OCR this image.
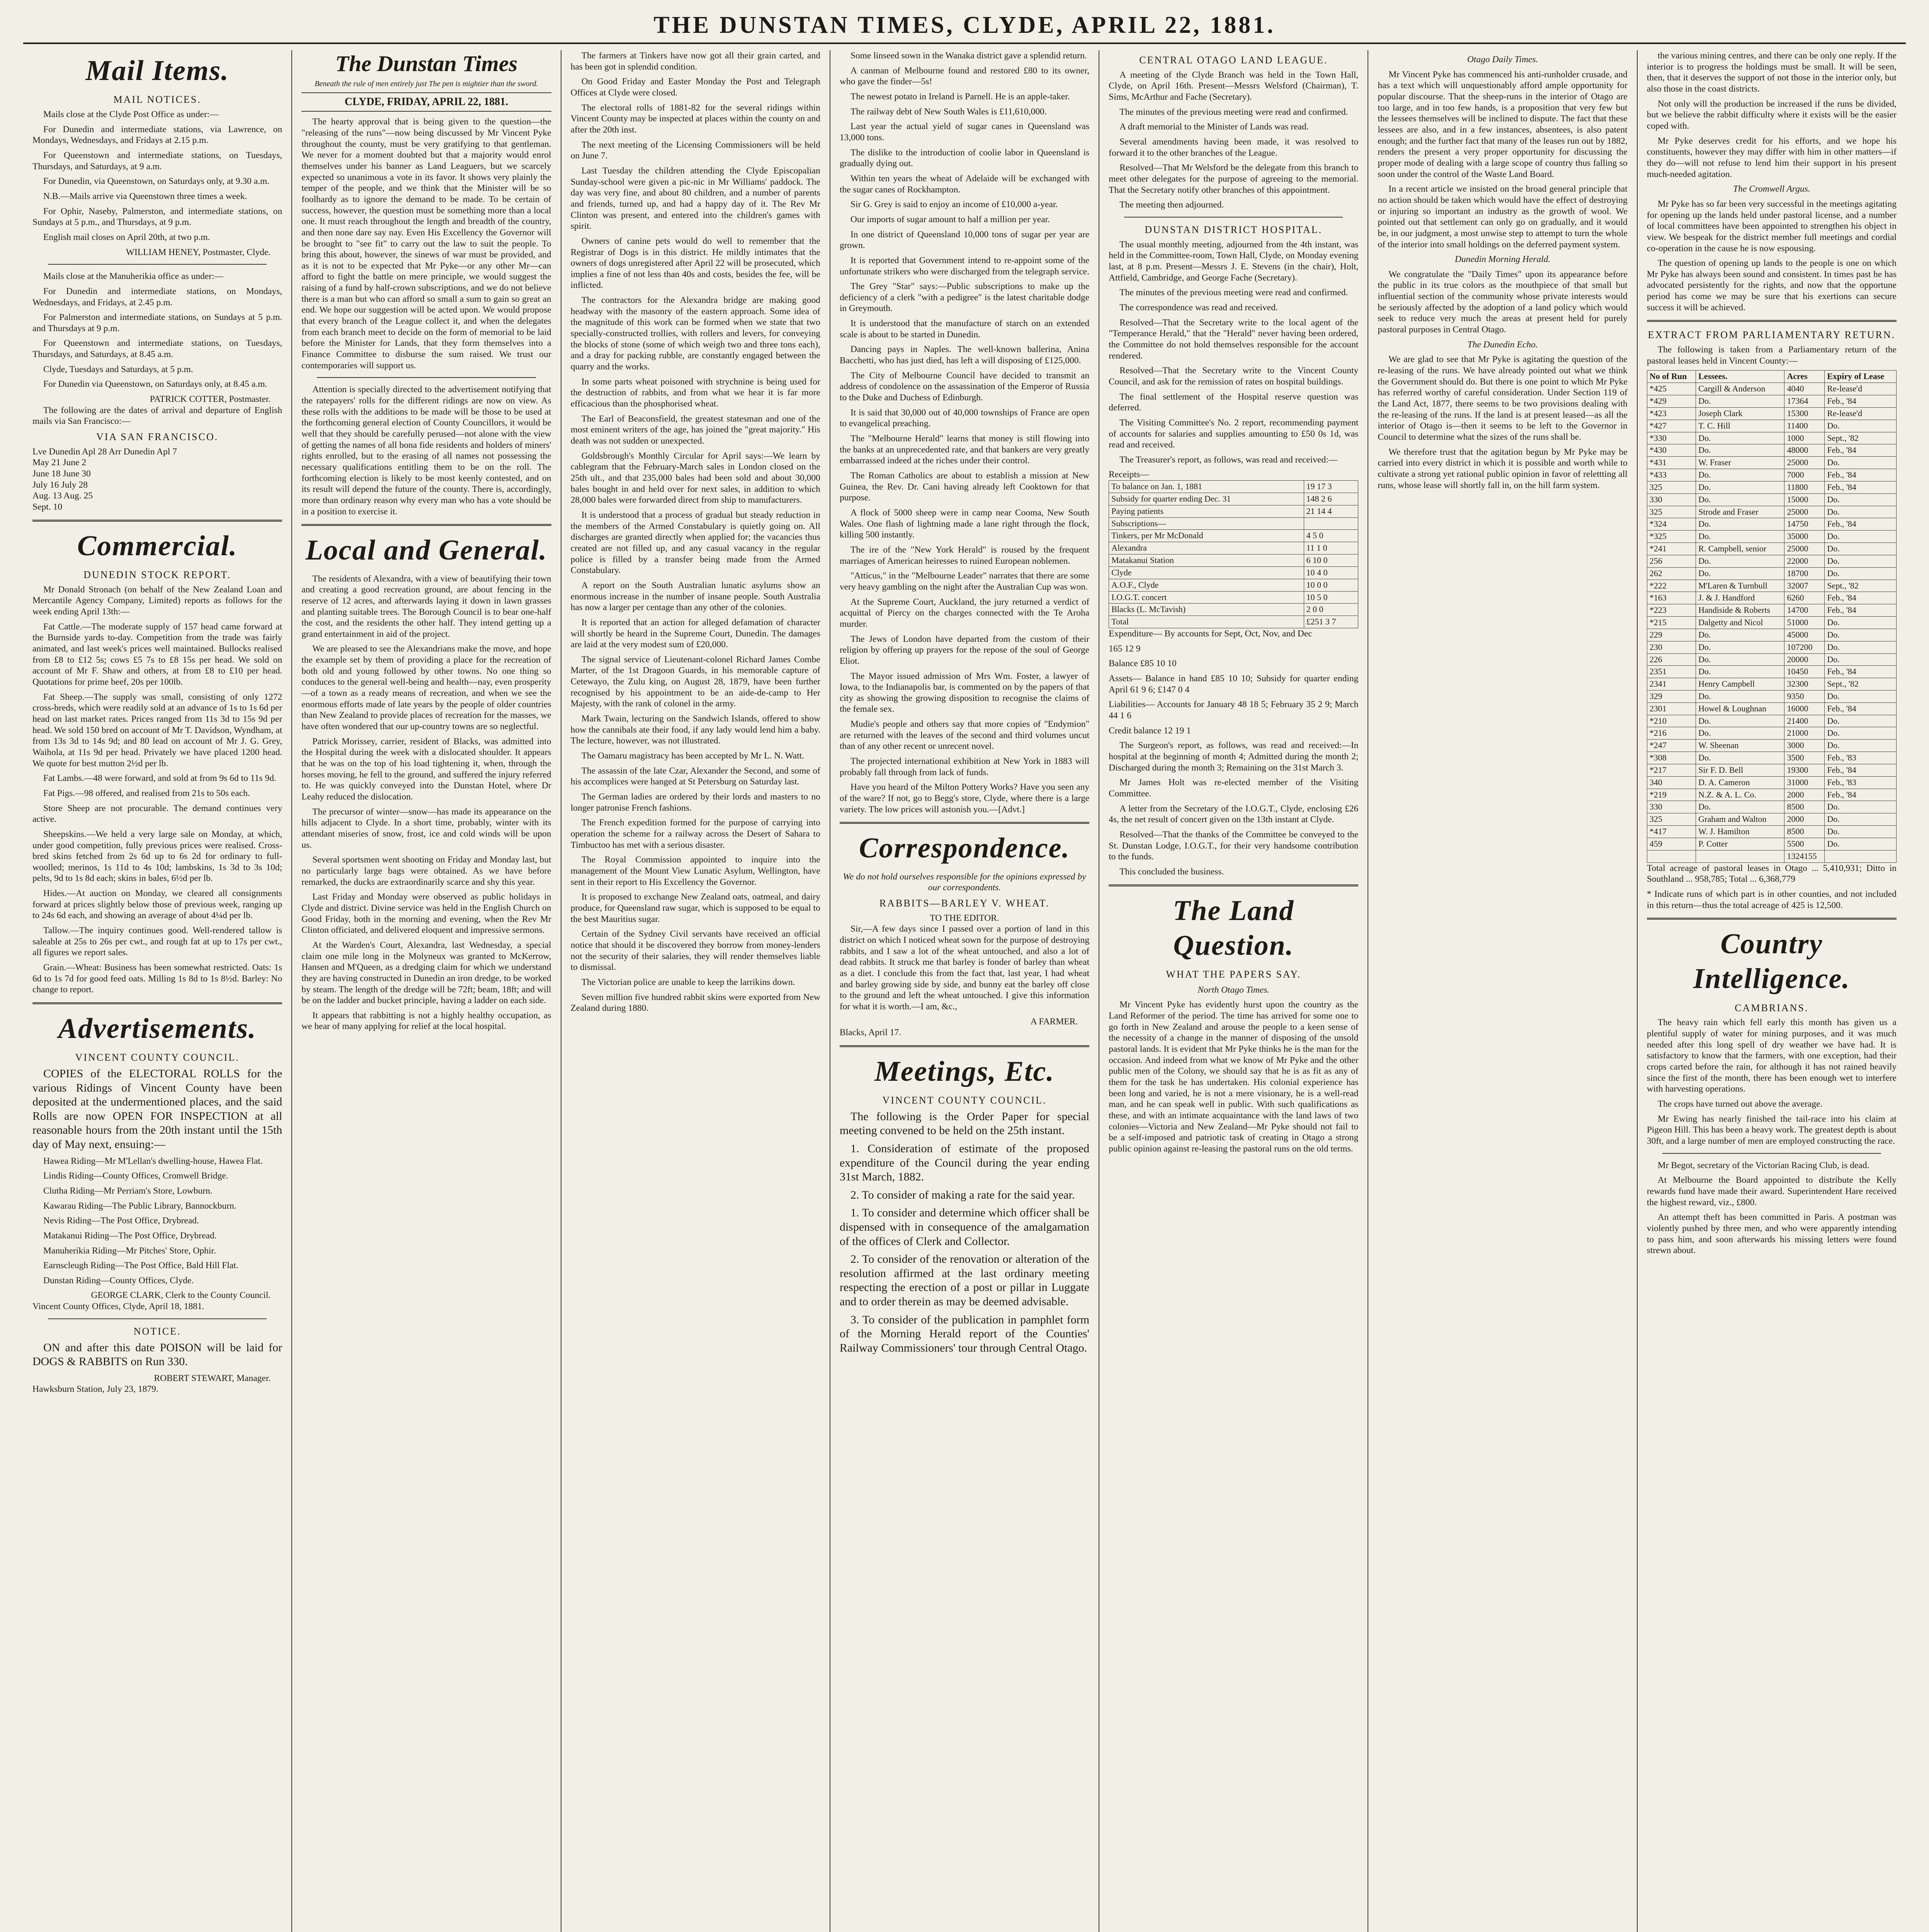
THE DUNSTAN TIMES, CLYDE, APRIL 22, 1881.
Mail Items.
MAIL NOTICES.

Mails close at the Clyde Post Office as under:—

For Dunedin and intermediate stations, via Lawrence, on Mondays, Wednesdays, and Fridays at 2.15 p.m.

For Queenstown and intermediate stations, on Tuesdays, Thursdays, and Saturdays, at 9 a.m.

For Dunedin, via Queenstown, on Saturdays only, at 9.30 a.m.

N.B.—Mails arrive via Queenstown three times a week.

For Ophir, Naseby, Palmerston, and intermediate stations, on Sundays at 5 p.m., and Thursdays, at 9 p.m.

English mail closes on April 20th, at two p.m.

WILLIAM HENEY, Postmaster, Clyde.

Mails close at the Manuherikia office as under:—

For Dunedin and intermediate stations, on Mondays, Wednesdays, and Fridays, at 2.45 p.m.

For Palmerston and intermediate stations, on Sundays at 5 p.m. and Thursdays at 9 p.m.

For Queenstown and intermediate stations, on Tuesdays, Thursdays, and Saturdays, at 8.45 a.m.

Clyde, Tuesdays and Saturdays, at 5 p.m.

For Dunedin via Queenstown, on Saturdays only, at 8.45 a.m.

PATRICK COTTER, Postmaster.

The following are the dates of arrival and departure of English mails via San Francisco:—

VIA SAN FRANCISCO.
Lve Dunedin Apl 28 Arr Dunedin Apl 7
May 21 June 2
June 18 June 30
July 16 July 28
Aug. 13 Aug. 25
Sept. 10
Commercial.
DUNEDIN STOCK REPORT.

Mr Donald Stronach (on behalf of the New Zealand Loan and Mercantile Agency Company, Limited) reports as follows for the week ending April 13th:—

Fat Cattle.—The moderate supply of 157 head came forward at the Burnside yards to-day. Competition from the trade was fairly animated, and last week's prices well maintained. Bullocks realised from £8 to £12 5s; cows £5 7s to £8 15s per head. We sold on account of Mr F. Shaw and others, at from £8 to £10 per head. Quotations for prime beef, 20s per 100lb.

Fat Sheep.—The supply was small, consisting of only 1272 cross-breds, which were readily sold at an advance of 1s to 1s 6d per head on last market rates. Prices ranged from 11s 3d to 15s 9d per head. We sold 150 bred on account of Mr T. Davidson, Wyndham, at from 13s 3d to 14s 9d; and 80 lead on account of Mr J. G. Grey, Waihola, at 11s 9d per head. Privately we have placed 1200 head. We quote for best mutton 2½d per lb.

Fat Lambs.—48 were forward, and sold at from 9s 6d to 11s 9d.

Fat Pigs.—98 offered, and realised from 21s to 50s each.

Store Sheep are not procurable. The demand continues very active.

Sheepskins.—We held a very large sale on Monday, at which, under good competition, fully previous prices were realised. Cross-bred skins fetched from 2s 6d up to 6s 2d for ordinary to full-woolled; merinos, 1s 11d to 4s 10d; lambskins, 1s 3d to 3s 10d; pelts, 9d to 1s 8d each; skins in bales, 6½d per lb.

Hides.—At auction on Monday, we cleared all consignments forward at prices slightly below those of previous week, ranging up to 24s 6d each, and showing an average of about 4¼d per lb.

Tallow.—The inquiry continues good. Well-rendered tallow is saleable at 25s to 26s per cwt., and rough fat at up to 17s per cwt., all figures we report sales.

Grain.—Wheat: Business has been somewhat restricted. Oats: 1s 6d to 1s 7d for good feed oats. Milling 1s 8d to 1s 8½d. Barley: No change to report.

Advertisements.
VINCENT COUNTY COUNCIL.

COPIES of the ELECTORAL ROLLS for the various Ridings of Vincent County have been deposited at the undermentioned places, and the said Rolls are now OPEN FOR INSPECTION at all reasonable hours from the 20th instant until the 15th day of May next, ensuing:—

Hawea Riding—Mr M'Lellan's dwelling-house, Hawea Flat.

Lindis Riding—County Offices, Cromwell Bridge.

Clutha Riding—Mr Perriam's Store, Lowburn.

Kawarau Riding—The Public Library, Bannockburn.

Nevis Riding—The Post Office, Drybread.

Matakanui Riding—The Post Office, Drybread.

Manuherikia Riding—Mr Pitches' Store, Ophir.

Earnscleugh Riding—The Post Office, Bald Hill Flat.

Dunstan Riding—County Offices, Clyde.

GEORGE CLARK, Clerk to the County Council.

Vincent County Offices, Clyde, April 18, 1881.

NOTICE.

ON and after this date POISON will be laid for DOGS & RABBITS on Run 330.

ROBERT STEWART, Manager.

Hawksburn Station, July 23, 1879.

The Dunstan Times
Beneath the rule of men entirely just The pen is mightier than the sword.
CLYDE, FRIDAY, APRIL 22, 1881.

The hearty approval that is being given to the question—the "releasing of the runs"—now being discussed by Mr Vincent Pyke throughout the county, must be very gratifying to that gentleman. We never for a moment doubted but that a majority would enrol themselves under his banner as Land Leaguers, but we scarcely expected so unanimous a vote in its favor. It shows very plainly the temper of the people, and we think that the Minister will be so foolhardy as to ignore the demand to be made. To be certain of success, however, the question must be something more than a local one. It must reach throughout the length and breadth of the country, and then none dare say nay. Even His Excellency the Governor will be brought to "see fit" to carry out the law to suit the people. To bring this about, however, the sinews of war must be provided, and as it is not to be expected that Mr Pyke—or any other Mr—can afford to fight the battle on mere principle, we would suggest the raising of a fund by half-crown subscriptions, and we do not believe there is a man but who can afford so small a sum to gain so great an end. We hope our suggestion will be acted upon. We would propose that every branch of the League collect it, and when the delegates from each branch meet to decide on the form of memorial to be laid before the Minister for Lands, that they form themselves into a Finance Committee to disburse the sum raised. We trust our contemporaries will support us.

Attention is specially directed to the advertisement notifying that the ratepayers' rolls for the different ridings are now on view. As these rolls with the additions to be made will be those to be used at the forthcoming general election of County Councillors, it would be well that they should be carefully perused—not alone with the view of getting the names of all bona fide residents and holders of miners' rights enrolled, but to the erasing of all names not possessing the necessary qualifications entitling them to be on the roll. The forthcoming election is likely to be most keenly contested, and on its result will depend the future of the county. There is, accordingly, more than ordinary reason why every man who has a vote should be in a position to exercise it.

Local and General.

The residents of Alexandra, with a view of beautifying their town and creating a good recreation ground, are about fencing in the reserve of 12 acres, and afterwards laying it down in lawn grasses and planting suitable trees. The Borough Council is to bear one-half the cost, and the residents the other half. They intend getting up a grand entertainment in aid of the project.

We are pleased to see the Alexandrians make the move, and hope the example set by them of providing a place for the recreation of both old and young followed by other towns. No one thing so conduces to the general well-being and health—nay, even prosperity—of a town as a ready means of recreation, and when we see the enormous efforts made of late years by the people of older countries than New Zealand to provide places of recreation for the masses, we have often wondered that our up-country towns are so neglectful.

Patrick Morissey, carrier, resident of Blacks, was admitted into the Hospital during the week with a dislocated shoulder. It appears that he was on the top of his load tightening it, when, through the horses moving, he fell to the ground, and suffered the injury referred to. He was quickly conveyed into the Dunstan Hotel, where Dr Leahy reduced the dislocation.

The precursor of winter—snow—has made its appearance on the hills adjacent to Clyde. In a short time, probably, winter with its attendant miseries of snow, frost, ice and cold winds will be upon us.

Several sportsmen went shooting on Friday and Monday last, but no particularly large bags were obtained. As we have before remarked, the ducks are extraordinarily scarce and shy this year.

Last Friday and Monday were observed as public holidays in Clyde and district. Divine service was held in the English Church on Good Friday, both in the morning and evening, when the Rev Mr Clinton officiated, and delivered eloquent and impressive sermons.

At the Warden's Court, Alexandra, last Wednesday, a special claim one mile long in the Molyneux was granted to McKerrow, Hansen and M'Queen, as a dredging claim for which we understand they are having constructed in Dunedin an iron dredge, to be worked by steam. The length of the dredge will be 72ft; beam, 18ft; and will be on the ladder and bucket principle, having a ladder on each side.

It appears that rabbitting is not a highly healthy occupation, as we hear of many applying for relief at the local hospital.

The farmers at Tinkers have now got all their grain carted, and has been got in splendid condition.

On Good Friday and Easter Monday the Post and Telegraph Offices at Clyde were closed.

The electoral rolls of 1881-82 for the several ridings within Vincent County may be inspected at places within the county on and after the 20th inst.

The next meeting of the Licensing Commissioners will be held on June 7.

Last Tuesday the children attending the Clyde Episcopalian Sunday-school were given a pic-nic in Mr Williams' paddock. The day was very fine, and about 80 children, and a number of parents and friends, turned up, and had a happy day of it. The Rev Mr Clinton was present, and entered into the children's games with spirit.

Owners of canine pets would do well to remember that the Registrar of Dogs is in this district. He mildly intimates that the owners of dogs unregistered after April 22 will be prosecuted, which implies a fine of not less than 40s and costs, besides the fee, will be inflicted.

The contractors for the Alexandra bridge are making good headway with the masonry of the eastern approach. Some idea of the magnitude of this work can be formed when we state that two specially-constructed trollies, with rollers and levers, for conveying the blocks of stone (some of which weigh two and three tons each), and a dray for packing rubble, are constantly engaged between the quarry and the works.

In some parts wheat poisoned with strychnine is being used for the destruction of rabbits, and from what we hear it is far more efficacious than the phosphorised wheat.

The Earl of Beaconsfield, the greatest statesman and one of the most eminent writers of the age, has joined the "great majority." His death was not sudden or unexpected.

Goldsbrough's Monthly Circular for April says:—We learn by cablegram that the February-March sales in London closed on the 25th ult., and that 235,000 bales had been sold and about 30,000 bales bought in and held over for next sales, in addition to which 28,000 bales were forwarded direct from ship to manufacturers.

It is understood that a process of gradual but steady reduction in the members of the Armed Constabulary is quietly going on. All discharges are granted directly when applied for; the vacancies thus created are not filled up, and any casual vacancy in the regular police is filled by a transfer being made from the Armed Constabulary.

A report on the South Australian lunatic asylums show an enormous increase in the number of insane people. South Australia has now a larger per centage than any other of the colonies.

It is reported that an action for alleged defamation of character will shortly be heard in the Supreme Court, Dunedin. The damages are laid at the very modest sum of £20,000.

The signal service of Lieutenant-colonel Richard James Combe Marter, of the 1st Dragoon Guards, in his memorable capture of Cetewayo, the Zulu king, on August 28, 1879, have been further recognised by his appointment to be an aide-de-camp to Her Majesty, with the rank of colonel in the army.

Mark Twain, lecturing on the Sandwich Islands, offered to show how the cannibals ate their food, if any lady would lend him a baby. The lecture, however, was not illustrated.

The Oamaru magistracy has been accepted by Mr L. N. Watt.

The assassin of the late Czar, Alexander the Second, and some of his accomplices were hanged at St Petersburg on Saturday last.

The German ladies are ordered by their lords and masters to no longer patronise French fashions.

The French expedition formed for the purpose of carrying into operation the scheme for a railway across the Desert of Sahara to Timbuctoo has met with a serious disaster.

The Royal Commission appointed to inquire into the management of the Mount View Lunatic Asylum, Wellington, have sent in their report to His Excellency the Governor.

It is proposed to exchange New Zealand oats, oatmeal, and dairy produce, for Queensland raw sugar, which is supposed to be equal to the best Mauritius sugar.

Certain of the Sydney Civil servants have received an official notice that should it be discovered they borrow from money-lenders not the security of their salaries, they will render themselves liable to dismissal.

The Victorian police are unable to keep the larrikins down.

Seven million five hundred rabbit skins were exported from New Zealand during 1880.

Some linseed sown in the Wanaka district gave a splendid return.

A canman of Melbourne found and restored £80 to its owner, who gave the finder—5s!

The newest potato in Ireland is Parnell. He is an apple-taker.

The railway debt of New South Wales is £11,610,000.

Last year the actual yield of sugar canes in Queensland was 13,000 tons.

The dislike to the introduction of coolie labor in Queensland is gradually dying out.

Within ten years the wheat of Adelaide will be exchanged with the sugar canes of Rockhampton.

Sir G. Grey is said to enjoy an income of £10,000 a-year.

Our imports of sugar amount to half a million per year.

In one district of Queensland 10,000 tons of sugar per year are grown.

It is reported that Government intend to re-appoint some of the unfortunate strikers who were discharged from the telegraph service.

The Grey "Star" says:—Public subscriptions to make up the deficiency of a clerk "with a pedigree" is the latest charitable dodge in Greymouth.

It is understood that the manufacture of starch on an extended scale is about to be started in Dunedin.

Dancing pays in Naples. The well-known ballerina, Anina Bacchetti, who has just died, has left a will disposing of £125,000.

The City of Melbourne Council have decided to transmit an address of condolence on the assassination of the Emperor of Russia to the Duke and Duchess of Edinburgh.

It is said that 30,000 out of 40,000 townships of France are open to evangelical preaching.

The "Melbourne Herald" learns that money is still flowing into the banks at an unprecedented rate, and that bankers are very greatly embarrassed indeed at the riches under their control.

The Roman Catholics are about to establish a mission at New Guinea, the Rev. Dr. Cani having already left Cooktown for that purpose.

A flock of 5000 sheep were in camp near Cooma, New South Wales. One flash of lightning made a lane right through the flock, killing 500 instantly.

The ire of the "New York Herald" is roused by the frequent marriages of American heiresses to ruined European noblemen.

"Atticus," in the "Melbourne Leader" narrates that there are some very heavy gambling on the night after the Australian Cup was won.

At the Supreme Court, Auckland, the jury returned a verdict of acquittal of Piercy on the charges connected with the Te Aroha murder.

The Jews of London have departed from the custom of their religion by offering up prayers for the repose of the soul of George Eliot.

The Mayor issued admission of Mrs Wm. Foster, a lawyer of Iowa, to the Indianapolis bar, is commented on by the papers of that city as showing the growing disposition to recognise the claims of the female sex.

Mudie's people and others say that more copies of "Endymion" are returned with the leaves of the second and third volumes uncut than of any other recent or unrecent novel.

The projected international exhibition at New York in 1883 will probably fall through from lack of funds.

Have you heard of the Milton Pottery Works? Have you seen any of the ware? If not, go to Begg's store, Clyde, where there is a large variety. The low prices will astonish you.—[Advt.]

Correspondence.
We do not hold ourselves responsible for the opinions expressed by our correspondents.
RABBITS—BARLEY V. WHEAT.
TO THE EDITOR.

Sir,—A few days since I passed over a portion of land in this district on which I noticed wheat sown for the purpose of destroying rabbits, and I saw a lot of the wheat untouched, and also a lot of dead rabbits. It struck me that barley is fonder of barley than wheat as a diet. I conclude this from the fact that, last year, I had wheat and barley growing side by side, and bunny eat the barley off close to the ground and left the wheat untouched. I give this information for what it is worth.—I am, &c.,

A FARMER.

Blacks, April 17.

Meetings, Etc.
VINCENT COUNTY COUNCIL.

The following is the Order Paper for special meeting convened to be held on the 25th instant.

1. Consideration of estimate of the proposed expenditure of the Council during the year ending 31st March, 1882.

2. To consider of making a rate for the said year.

1. To consider and determine which officer shall be dispensed with in consequence of the amalgamation of the offices of Clerk and Collector.

2. To consider of the renovation or alteration of the resolution affirmed at the last ordinary meeting respecting the erection of a post or pillar in Luggate and to order therein as may be deemed advisable.

3. To consider of the publication in pamphlet form of the Morning Herald report of the Counties' Railway Commissioners' tour through Central Otago.

CENTRAL OTAGO LAND LEAGUE.

A meeting of the Clyde Branch was held in the Town Hall, Clyde, on April 16th. Present—Messrs Welsford (Chairman), T. Sims, McArthur and Fache (Secretary).

The minutes of the previous meeting were read and confirmed.

A draft memorial to the Minister of Lands was read.

Several amendments having been made, it was resolved to forward it to the other branches of the League.

Resolved—That Mr Welsford be the delegate from this branch to meet other delegates for the purpose of agreeing to the memorial. That the Secretary notify other branches of this appointment.

The meeting then adjourned.

DUNSTAN DISTRICT HOSPITAL.

The usual monthly meeting, adjourned from the 4th instant, was held in the Committee-room, Town Hall, Clyde, on Monday evening last, at 8 p.m. Present—Messrs J. E. Stevens (in the chair), Holt, Attfield, Cambridge, and George Fache (Secretary).

The minutes of the previous meeting were read and confirmed.

The correspondence was read and received.

Resolved—That the Secretary write to the local agent of the "Temperance Herald," that the "Herald" never having been ordered, the Committee do not hold themselves responsible for the account rendered.

Resolved—That the Secretary write to the Vincent County Council, and ask for the remission of rates on hospital buildings.

The final settlement of the Hospital reserve question was deferred.

The Visiting Committee's No. 2 report, recommending payment of accounts for salaries and supplies amounting to £50 0s 1d, was read and received.

The Treasurer's report, as follows, was read and received:—

Receipts—
To balance on Jan. 1, 1881	19 17 3
Subsidy for quarter ending Dec. 31	148 2 6
Paying patients	21 14 4
Subscriptions—	
Tinkers, per Mr McDonald	4 5 0
Alexandra	11 1 0
Matakanui Station	6 10 0
Clyde	10 4 0
A.O.F., Clyde	10 0 0
I.O.G.T. concert	10 5 0
Blacks (L. McTavish)	2 0 0
Total	£251 3 7

Expenditure— By accounts for Sept, Oct, Nov, and Dec

165 12 9

Balance £85 10 10

Assets— Balance in hand £85 10 10; Subsidy for quarter ending April 61 9 6; £147 0 4

Liabilities— Accounts for January 48 18 5; February 35 2 9; March 44 1 6

Credit balance 12 19 1

The Surgeon's report, as follows, was read and received:—In hospital at the beginning of month 4; Admitted during the month 2; Discharged during the month 3; Remaining on the 31st March 3.

Mr James Holt was re-elected member of the Visiting Committee.

A letter from the Secretary of the I.O.G.T., Clyde, enclosing £26 4s, the net result of concert given on the 13th instant at Clyde.

Resolved—That the thanks of the Committee be conveyed to the St. Dunstan Lodge, I.O.G.T., for their very handsome contribution to the funds.

This concluded the business.

The Land Question.
WHAT THE PAPERS SAY.
North Otago Times.

Mr Vincent Pyke has evidently hurst upon the country as the Land Reformer of the period. The time has arrived for some one to go forth in New Zealand and arouse the people to a keen sense of the necessity of a change in the manner of disposing of the unsold pastoral lands. It is evident that Mr Pyke thinks he is the man for the occasion. And indeed from what we know of Mr Pyke and the other public men of the Colony, we should say that he is as fit as any of them for the task he has undertaken. His colonial experience has been long and varied, he is not a mere visionary, he is a well-read man, and he can speak well in public. With such qualifications as these, and with an intimate acquaintance with the land laws of two colonies—Victoria and New Zealand—Mr Pyke should not fail to be a self-imposed and patriotic task of creating in Otago a strong public opinion against re-leasing the pastoral runs on the old terms.

Otago Daily Times.

Mr Vincent Pyke has commenced his anti-runholder crusade, and has a text which will unquestionably afford ample opportunity for popular discourse. That the sheep-runs in the interior of Otago are too large, and in too few hands, is a proposition that very few but the lessees themselves will be inclined to dispute. The fact that these lessees are also, and in a few instances, absentees, is also patent enough; and the further fact that many of the leases run out by 1882, renders the present a very proper opportunity for discussing the proper mode of dealing with a large scope of country thus falling so soon under the control of the Waste Land Board.

In a recent article we insisted on the broad general principle that no action should be taken which would have the effect of destroying or injuring so important an industry as the growth of wool. We pointed out that settlement can only go on gradually, and it would be, in our judgment, a most unwise step to attempt to turn the whole of the interior into small holdings on the deferred payment system.

Dunedin Morning Herald.

We congratulate the "Daily Times" upon its appearance before the public in its true colors as the mouthpiece of that small but influential section of the community whose private interests would be seriously affected by the adoption of a land policy which would seek to reduce very much the areas at present held for purely pastoral purposes in Central Otago.

The Dunedin Echo.

We are glad to see that Mr Pyke is agitating the question of the re-leasing of the runs. We have already pointed out what we think the Government should do. But there is one point to which Mr Pyke has referred worthy of careful consideration. Under Section 119 of the Land Act, 1877, there seems to be two provisions dealing with the re-leasing of the runs. If the land is at present leased—as all the interior of Otago is—then it seems to be left to the Governor in Council to determine what the sizes of the runs shall be.

We therefore trust that the agitation begun by Mr Pyke may be carried into every district in which it is possible and worth while to cultivate a strong yet rational public opinion in favor of relettting all runs, whose lease will shortly fall in, on the hill farm system.

the various mining centres, and there can be only one reply. If the interior is to progress the holdings must be small. It will be seen, then, that it deserves the support of not those in the interior only, but also those in the coast districts.

Not only will the production be increased if the runs be divided, but we believe the rabbit difficulty where it exists will be the easier coped with.

Mr Pyke deserves credit for his efforts, and we hope his constituents, however they may differ with him in other matters—if they do—will not refuse to lend him their support in his present much-needed agitation.

The Cromwell Argus.

Mr Pyke has so far been very successful in the meetings agitating for opening up the lands held under pastoral license, and a number of local committees have been appointed to strengthen his object in view. We bespeak for the district member full meetings and cordial co-operation in the cause he is now espousing.

The question of opening up lands to the people is one on which Mr Pyke has always been sound and consistent. In times past he has advocated persistently for the rights, and now that the opportune period has come we may be sure that his exertions can secure success it will be achieved.

EXTRACT FROM PARLIAMENTARY RETURN.

The following is taken from a Parliamentary return of the pastoral leases held in Vincent County:—

No of Run	Lessees.	Acres	Expiry of Lease
*425	Cargill & Anderson	4040	Re-lease'd
*429	Do.	17364	Feb., '84
*423	Joseph Clark	15300	Re-lease'd
*427	T. C. Hill	11400	Do.
*330	Do.	1000	Sept., '82
*430	Do.	48000	Feb., '84
*431	W. Fraser	25000	Do.
*433	Do.	7000	Feb., '84
325	Do.	11800	Feb., '84
330	Do.	15000	Do.
325	Strode and Fraser	25000	Do.
*324	Do.	14750	Feb., '84
*325	Do.	35000	Do.
*241	R. Campbell, senior	25000	Do.
256	Do.	22000	Do.
262	Do.	18700	Do.
*222	M'Laren & Turnbull	32007	Sept., '82
*163	J. & J. Handford	6260	Feb., '84
*223	Handiside & Roberts	14700	Feb., '84
*215	Dalgetty and Nicol	51000	Do.
229	Do.	45000	Do.
230	Do.	107200	Do.
226	Do.	20000	Do.
2351	Do.	10450	Feb., '84
2341	Henry Campbell	32300	Sept., '82
329	Do.	9350	Do.
2301	Howel & Loughnan	16000	Feb., '84
*210	Do.	21400	Do.
*216	Do.	21000	Do.
*247	W. Sheenan	3000	Do.
*308	Do.	3500	Feb., '83
*217	Sir F. D. Bell	19300	Feb., '84
340	D. A. Cameron	31000	Feb., '83
*219	N.Z. & A. L. Co.	2000	Feb., '84
330	Do.	8500	Do.
325	Graham and Walton	2000	Do.
*417	W. J. Hamilton	8500	Do.
459	P. Cotter	5500	Do.
		1324155	

Total acreage of pastoral leases in Otago ... 5,410,931; Ditto in Southland ... 958,785; Total ... 6,368,779

* Indicate runs of which part is in other counties, and not included in this return—thus the total acreage of 425 is 12,500.

Country Intelligence.
CAMBRIANS.

The heavy rain which fell early this month has given us a plentiful supply of water for mining purposes, and it was much needed after this long spell of dry weather we have had. It is satisfactory to know that the farmers, with one exception, had their crops carted before the rain, for although it has not rained heavily since the first of the month, there has been enough wet to interfere with harvesting operations.

The crops have turned out above the average.

Mr Ewing has nearly finished the tail-race into his claim at Pigeon Hill. This has been a heavy work. The greatest depth is about 30ft, and a large number of men are employed constructing the race.

Mr Begot, secretary of the Victorian Racing Club, is dead.

At Melbourne the Board appointed to distribute the Kelly rewards fund have made their award. Superintendent Hare received the highest reward, viz., £800.

An attempt theft has been committed in Paris. A postman was violently pushed by three men, and who were apparently intending to pass him, and soon afterwards his missing letters were found strewn about.
